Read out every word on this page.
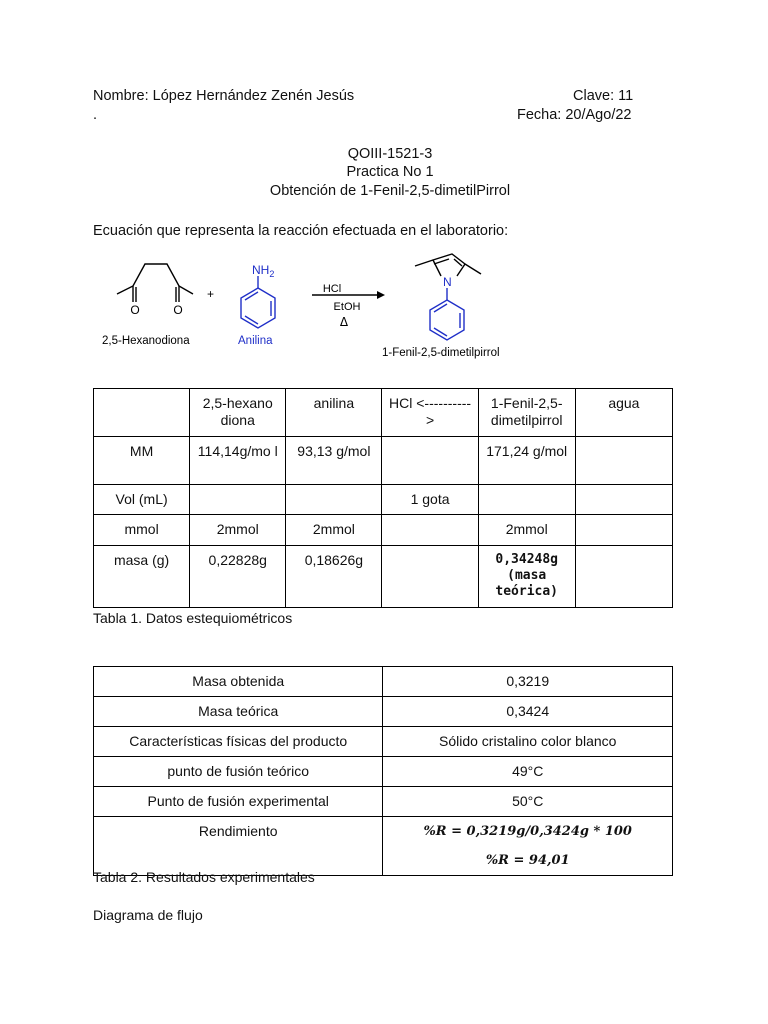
Nombre: López Hernández Zenén Jesús
.
Clave: 11
Fecha: 20/Ago/22
QOIII-1521-3
Practica No 1
Obtención de 1-Fenil-2,5-dimetilPirrol
Ecuación que representa la reacción efectuada en el laboratorio:
O	O
2,5-Hexanodiona
+
$NH_2$
Anilina
HCl
EtOH
Δ
N
1-Fenil-2,5-dimetilpirrol
	2,5-hexano diona	anilina	HCl <---------->	1-Fenil-2,5-dimetilpirrol	agua
MM	114,14g/mo l	93,13 g/mol		171,24 g/mol	
Vol (mL)			1 gota		
mmol	2mmol	2mmol		2mmol	
masa (g)	0,22828g	0,18626g		0,34248g (masa teórica)	
Tabla 1. Datos estequiométricos
Masa obtenida	0,3219
Masa teórica	0,3424
Características físicas del producto	Sólido cristalino color blanco
punto de fusión teórico	49°C
Punto de fusión experimental	50°C
Rendimiento	%R = 0,3219g/0,3424g * 100
%R = 94,01
Tabla 2. Resultados experimentales
Diagrama de flujo
